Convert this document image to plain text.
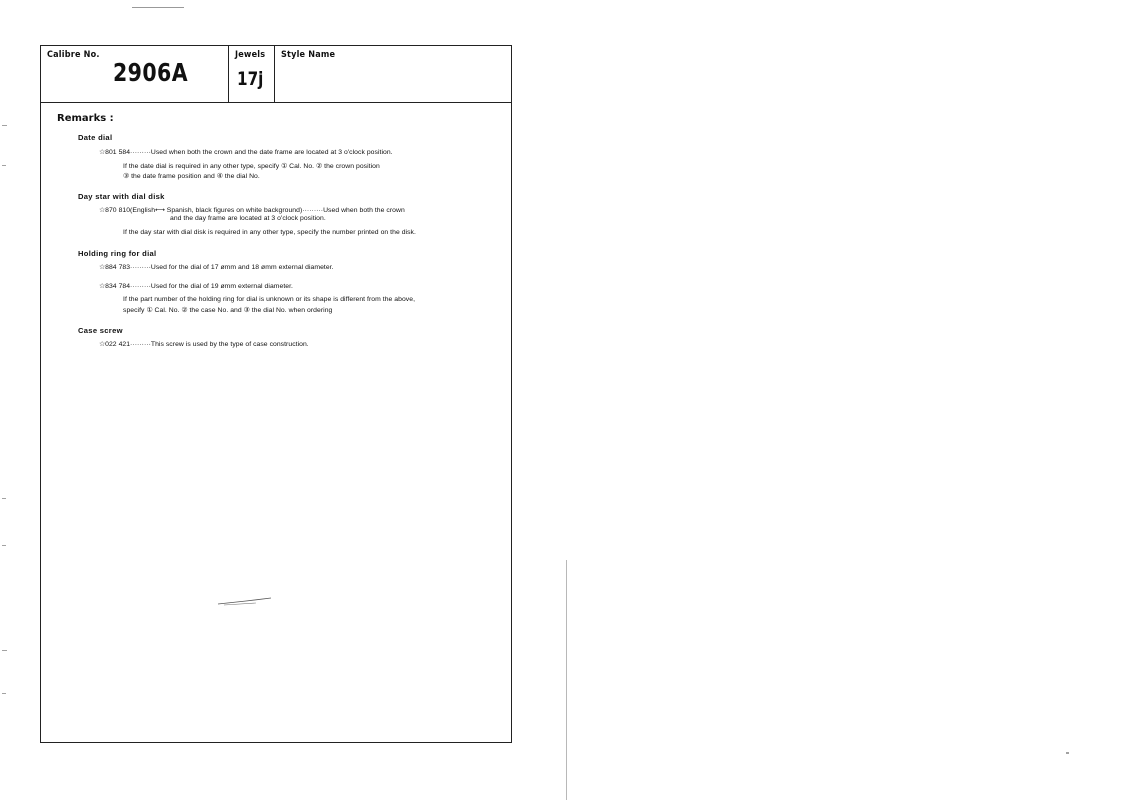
Calibre No.
2906A
Jewels
17j
Style Name
Remarks :
Date dial
☆801 584·········Used when both the crown and the date frame are located at 3 o'clock position.
If the date dial is required in any other type, specify ① Cal. No. ② the crown position
③ the date frame position and ④ the dial No.
Day star with dial disk
☆870 810(English⟷ Spanish, black figures on white background)·········Used when both the crown
and the day frame are located at 3 o'clock position.
If the day star with dial disk is required in any other type, specify the number printed on the disk.
Holding ring for dial
☆884 783·········Used for the dial of 17 ømm and 18 ømm external diameter.
☆834 784·········Used for the dial of 19 ømm external diameter.
If the part number of the holding ring for dial is unknown or its shape is different from the above,
specify ① Cal. No. ② the case No. and ③ the dial No. when ordering
Case screw
☆022 421·········This screw is used by the type of case construction.
